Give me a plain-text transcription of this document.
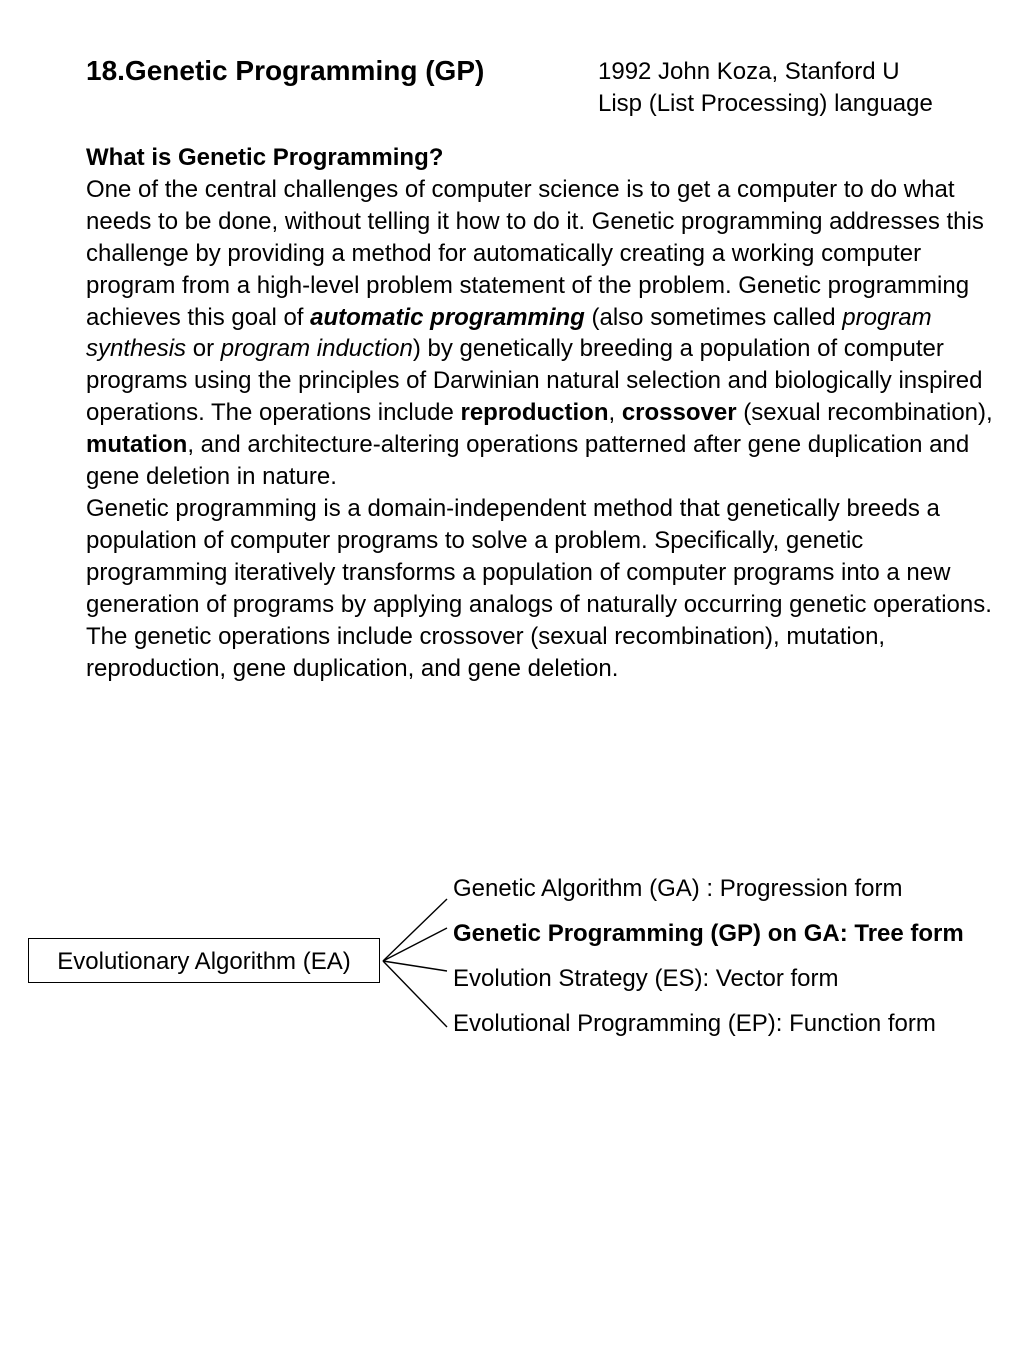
18.Genetic Programming (GP)	1992 John Koza, Stanford U
Lisp (List Processing) language
What is Genetic Programming?

One of the central challenges of computer science is to get a computer to do what needs to be done, without telling it how to do it. Genetic programming addresses this challenge by providing a method for automatically creating a working computer program from a high-level problem statement of the problem. Genetic programming achieves this goal of automatic programming (also sometimes called program synthesis or program induction) by genetically breeding a population of computer programs using the principles of Darwinian natural selection and biologically inspired operations. The operations include reproduction, crossover (sexual recombination), mutation, and architecture-altering operations patterned after gene duplication and gene deletion in nature.

Genetic programming is a domain-independent method that genetically breeds a population of computer programs to solve a problem. Specifically, genetic programming iteratively transforms a population of computer programs into a new generation of programs by applying analogs of naturally occurring genetic operations. The genetic operations include crossover (sexual recombination), mutation, reproduction, gene duplication, and gene deletion.

Evolutionary Algorithm (EA)
Genetic Algorithm (GA) : Progression form
Genetic Programming (GP) on GA: Tree form
Evolution Strategy (ES): Vector form
Evolutional Programming (EP): Function form
